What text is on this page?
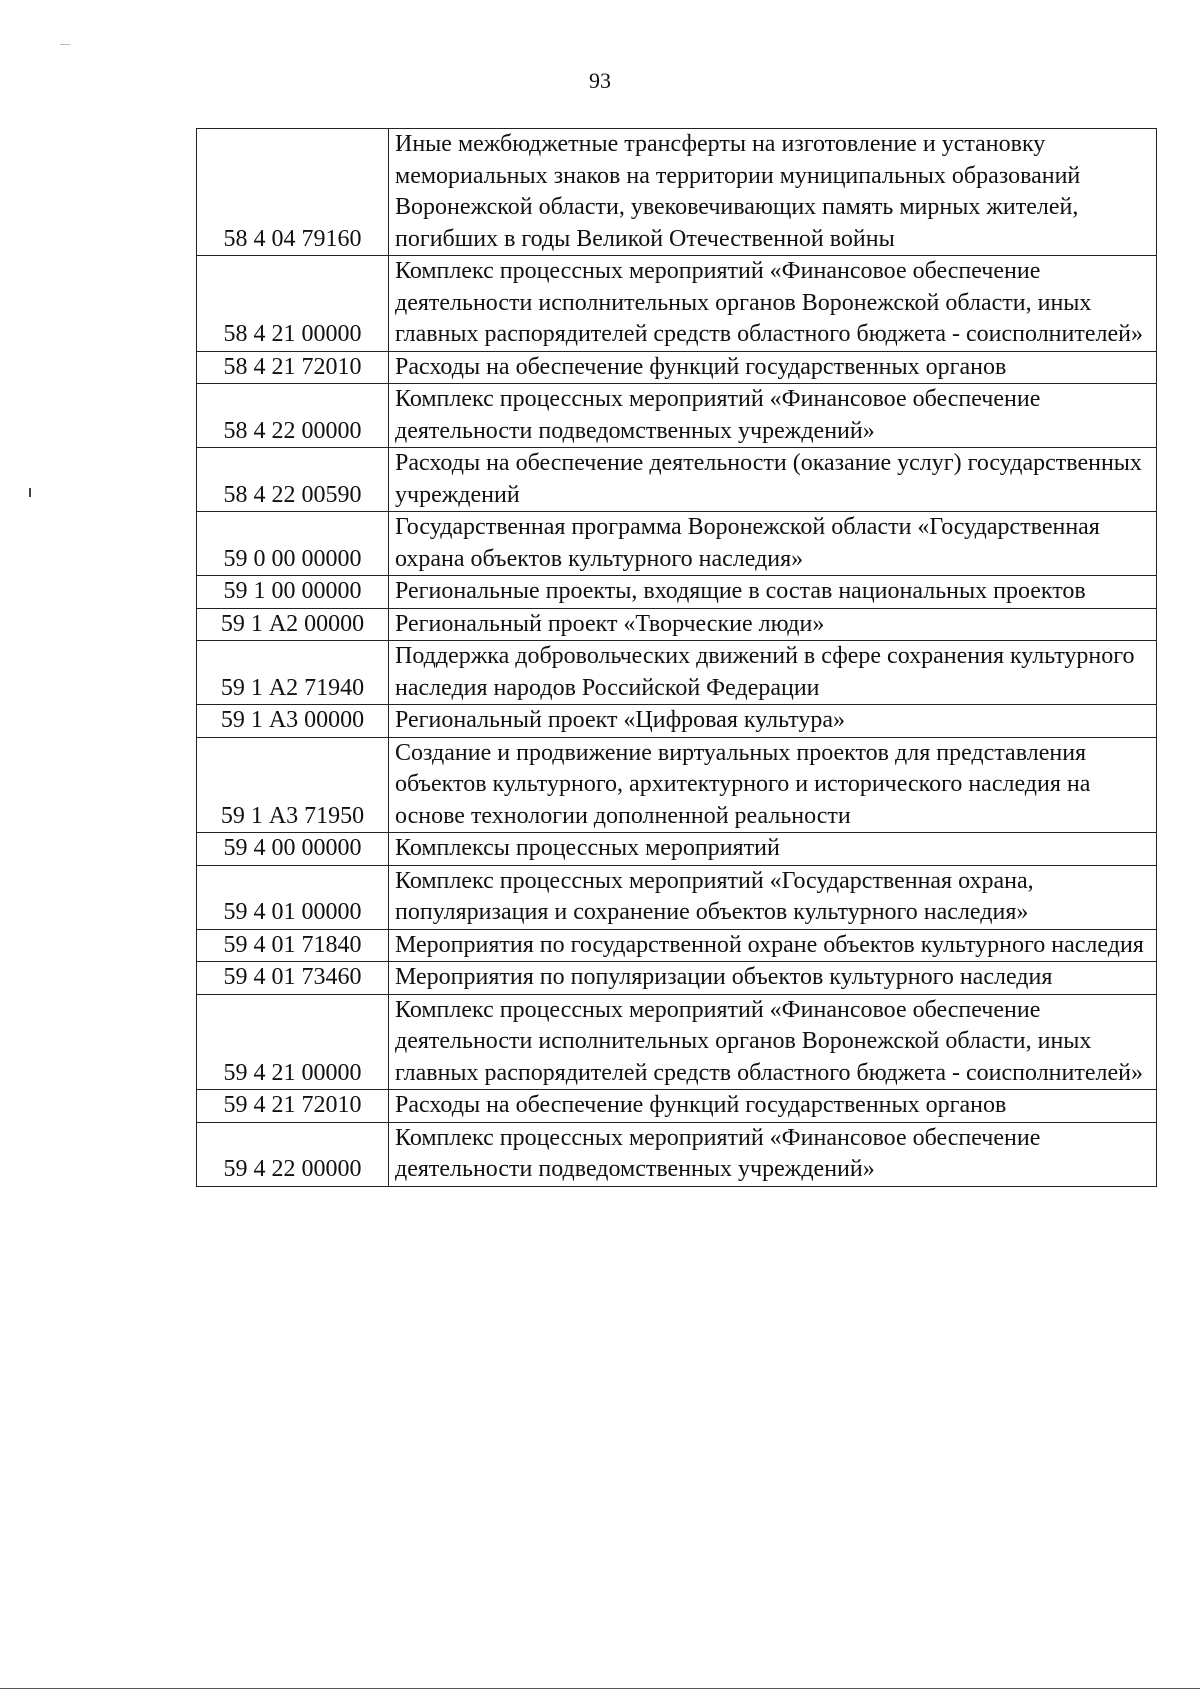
93
58 4 04 79160	Иные межбюджетные трансферты на изготовление и установку мемориальных знаков на территории муниципальных образований Воронежской области, увековечивающих память мирных жителей, погибших в годы Великой Отечественной войны
58 4 21 00000	Комплекс процессных мероприятий «Финансовое обеспечение деятельности исполнительных органов Воронежской области, иных главных распорядителей средств областного бюджета - соисполнителей»
58 4 21 72010	Расходы на обеспечение функций государственных органов
58 4 22 00000	Комплекс процессных мероприятий «Финансовое обеспечение деятельности подведомственных учреждений»
58 4 22 00590	Расходы на обеспечение деятельности (оказание услуг) государственных учреждений
59 0 00 00000	Государственная программа Воронежской области «Государственная охрана объектов культурного наследия»
59 1 00 00000	Региональные проекты, входящие в состав национальных проектов
59 1 А2 00000	Региональный проект «Творческие люди»
59 1 А2 71940	Поддержка добровольческих движений в сфере сохранения культурного наследия народов Российской Федерации
59 1 А3 00000	Региональный проект «Цифровая культура»
59 1 А3 71950	Создание и продвижение виртуальных проектов для представления объектов культурного, архитектурного и исторического наследия на основе технологии дополненной реальности
59 4 00 00000	Комплексы процессных мероприятий
59 4 01 00000	Комплекс процессных мероприятий «Государственная охрана, популяризация и сохранение объектов культурного наследия»
59 4 01 71840	Мероприятия по государственной охране объектов культурного наследия
59 4 01 73460	Мероприятия по популяризации объектов культурного наследия
59 4 21 00000	Комплекс процессных мероприятий «Финансовое обеспечение деятельности исполнительных органов Воронежской области, иных главных распорядителей средств областного бюджета - соисполнителей»
59 4 21 72010	Расходы на обеспечение функций государственных органов
59 4 22 00000	Комплекс процессных мероприятий «Финансовое обеспечение деятельности подведомственных учреждений»
